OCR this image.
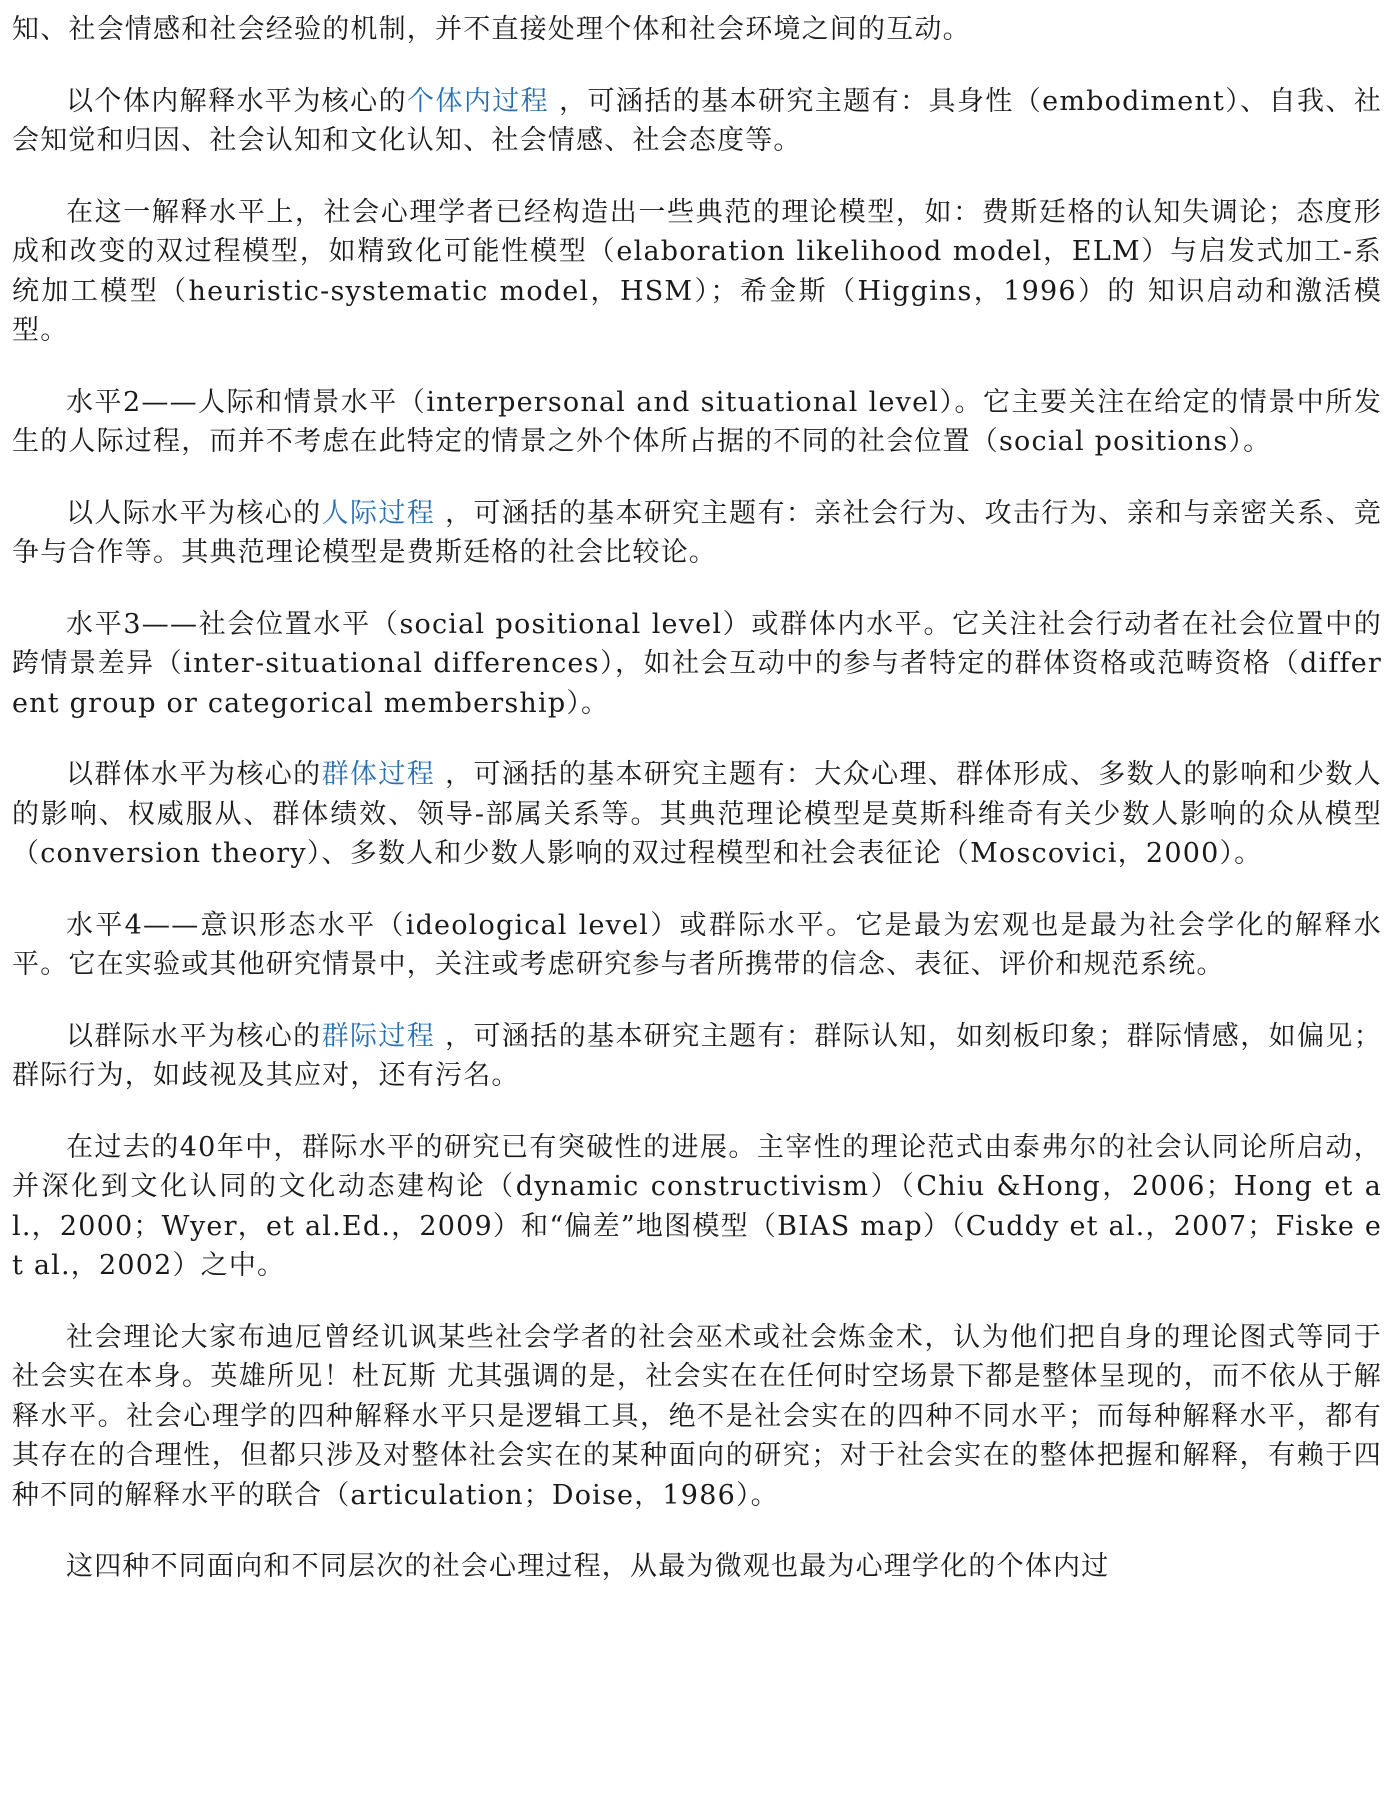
知、社会情感和社会经验的机制，并不直接处理个体和社会环境之间的互动。

以个体内解释水平为核心的个体内过程 ，可涵括的基本研究主题有：具身性（embodiment）、自我、社会知觉和归因、社会认知和文化认知、社会情感、社会态度等。

在这一解释水平上，社会心理学者已经构造出一些典范的理论模型，如：费斯廷格的认知失调论；态度形成和改变的双过程模型，如精致化可能性模型（elaboration likelihood model，ELM）与启发式加工-系统加工模型（heuristic-systematic model，HSM）；希金斯（Higgins，1996）的 知识启动和激活模型。

水平2——人际和情景水平（interpersonal and situational level）。它主要关注在给定的情景中所发生的人际过程，而并不考虑在此特定的情景之外个体所占据的不同的社会位置（social positions）。

以人际水平为核心的人际过程 ，可涵括的基本研究主题有：亲社会行为、攻击行为、亲和与亲密关系、竞争与合作等。其典范理论模型是费斯廷格的社会比较论。

水平3——社会位置水平（social positional level）或群体内水平。它关注社会行动者在社会位置中的跨情景差异（inter-situational differences），如社会互动中的参与者特定的群体资格或范畴资格（different group or categorical membership）。

以群体水平为核心的群体过程 ，可涵括的基本研究主题有：大众心理、群体形成、多数人的影响和少数人的影响、权威服从、群体绩效、领导-部属关系等。其典范理论模型是莫斯科维奇有关少数人影响的众从模型（conversion theory）、多数人和少数人影响的双过程模型和社会表征论（Moscovici，2000）。

水平4——意识形态水平（ideological level）或群际水平。它是最为宏观也是最为社会学化的解释水平。它在实验或其他研究情景中，关注或考虑研究参与者所携带的信念、表征、评价和规范系统。

以群际水平为核心的群际过程 ，可涵括的基本研究主题有：群际认知，如刻板印象；群际情感，如偏见；群际行为，如歧视及其应对，还有污名。

在过去的40年中，群际水平的研究已有突破性的进展。主宰性的理论范式由泰弗尔的社会认同论所启动，并深化到文化认同的文化动态建构论（dynamic constructivism）（Chiu &Hong，2006；Hong et al.，2000；Wyer，et al.Ed.，2009）和“偏差”地图模型（BIAS map）（Cuddy et al.，2007；Fiske et al.，2002）之中。

社会理论大家布迪厄曾经讥讽某些社会学者的社会巫术或社会炼金术，认为他们把自身的理论图式等同于社会实在本身。英雄所见！杜瓦斯 尤其强调的是，社会实在在任何时空场景下都是整体呈现的，而不依从于解释水平。社会心理学的四种解释水平只是逻辑工具，绝不是社会实在的四种不同水平；而每种解释水平，都有其存在的合理性，但都只涉及对整体社会实在的某种面向的研究；对于社会实在的整体把握和解释，有赖于四种不同的解释水平的联合（articulation；Doise，1986）。

这四种不同面向和不同层次的社会心理过程，从最为微观也最为心理学化的个体内过
